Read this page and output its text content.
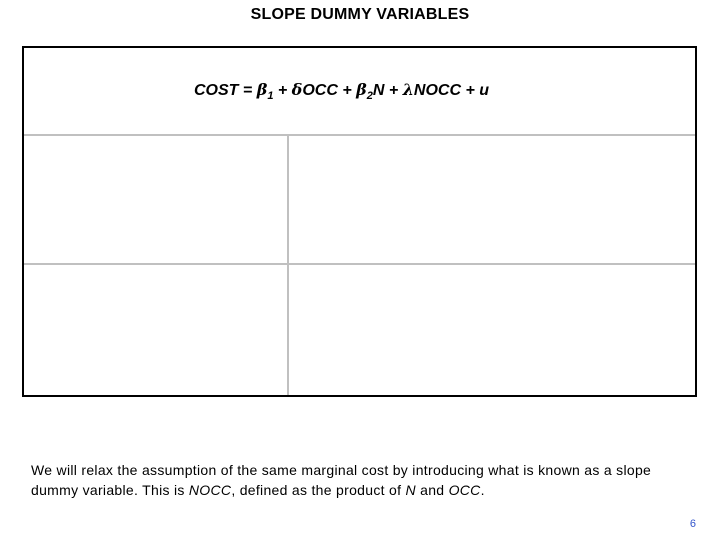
SLOPE DUMMY VARIABLES
COST = $\beta_1 + \delta OCC + \beta_2N$ + λNOCC + u
We will relax the assumption of the same marginal cost by introducing what is known as a slope dummy variable. This is NOCC, defined as the product of N and OCC.
6
